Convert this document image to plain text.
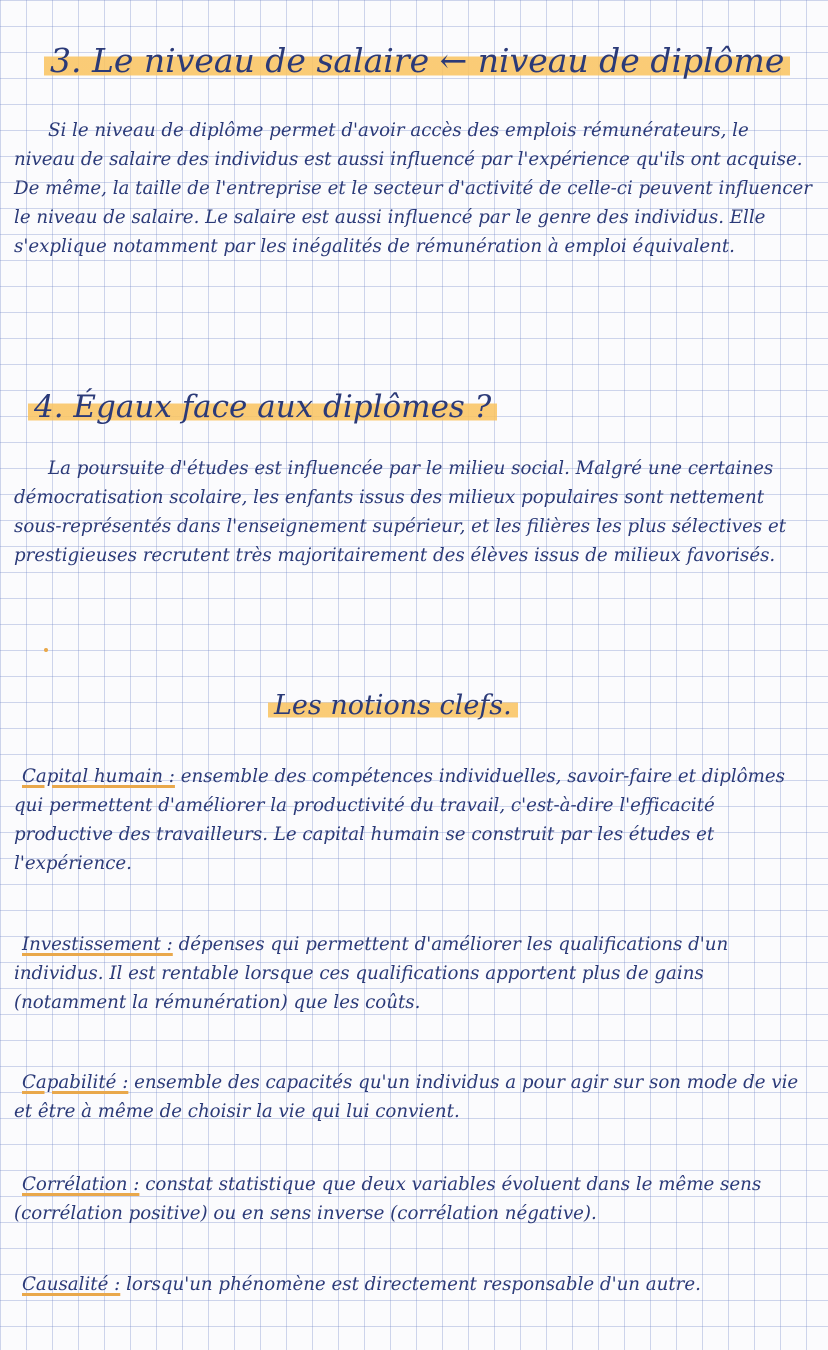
3. Le niveau de salaire ← niveau de diplôme

Si le niveau de diplôme permet d'avoir accès des emplois rémunérateurs, le niveau de salaire des individus est aussi influencé par l'expérience qu'ils ont acquise. De même, la taille de l'entreprise et le secteur d'activité de celle-ci peuvent influencer le niveau de salaire. Le salaire est aussi influencé par le genre des individus. Elle s'explique notamment par les inégalités de rémunération à emploi équivalent.

4. Égaux face aux diplômes ?

La poursuite d'études est influencée par le milieu social. Malgré une certaines démocratisation scolaire, les enfants issus des milieux populaires sont nettement sous-représentés dans l'enseignement supérieur, et les filières les plus sélectives et prestigieuses recrutent très majoritairement des élèves issus de milieux favorisés.

Les notions clefs.

Capital humain : ensemble des compétences individuelles, savoir-faire et diplômes qui permettent d'améliorer la productivité du travail, c'est-à-dire l'efficacité productive des travailleurs. Le capital humain se construit par les études et l'expérience.

Investissement : dépenses qui permettent d'améliorer les qualifications d'un individus. Il est rentable lorsque ces qualifications apportent plus de gains (notamment la rémunération) que les coûts.

Capabilité : ensemble des capacités qu'un individus a pour agir sur son mode de vie et être à même de choisir la vie qui lui convient.

Corrélation : constat statistique que deux variables évoluent dans le même sens (corrélation positive) ou en sens inverse (corrélation négative).

Causalité : lorsqu'un phénomène est directement responsable d'un autre.
